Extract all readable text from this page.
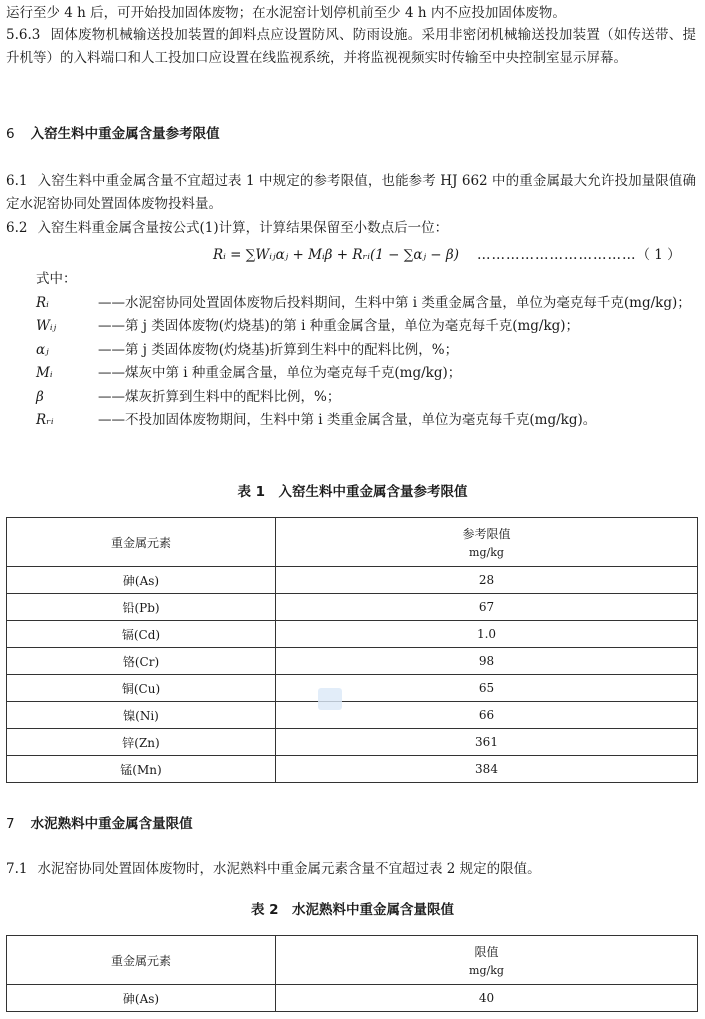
运行至少 4 h 后，可开始投加固体废物；在水泥窑计划停机前至少 4 h 内不应投加固体废物。
5.6.3 固体废物机械输送投加装置的卸料点应设置防风、防雨设施。采用非密闭机械输送投加装置（如传送带、提升机等）的入料端口和人工投加口应设置在线监视系统，并将监视视频实时传输至中央控制室显示屏幕。
6 入窑生料中重金属含量参考限值
6.1 入窑生料中重金属含量不宜超过表 1 中规定的参考限值，也能参考 HJ 662 中的重金属最大允许投加量限值确定水泥窑协同处置固体废物投料量。
6.2 入窑生料重金属含量按公式(1)计算，计算结果保留至小数点后一位：
Rᵢ = ∑Wᵢⱼαⱼ + Mᵢβ + Rᵣᵢ(1 − ∑αⱼ − β) ……………………………（ 1 ）
式中：
Rᵢ	——水泥窑协同处置固体废物后投料期间，生料中第 i 类重金属含量，单位为毫克每千克(mg/kg)；
Wᵢⱼ	——第 j 类固体废物(灼烧基)的第 i 种重金属含量，单位为毫克每千克(mg/kg)；
αⱼ	——第 j 类固体废物(灼烧基)折算到生料中的配料比例，%；
Mᵢ	——煤灰中第 i 种重金属含量，单位为毫克每千克(mg/kg)；
β	——煤灰折算到生料中的配料比例，%；
Rᵣᵢ	——不投加固体废物期间，生料中第 i 类重金属含量，单位为毫克每千克(mg/kg)。
表 1　入窑生料中重金属含量参考限值
重金属元素	参考限值
mg/kg

砷(As)	28
铅(Pb)	67
镉(Cd)	1.0
铬(Cr)	98
铜(Cu)	65
镍(Ni)	66
锌(Zn)	361
锰(Mn)	384
7 水泥熟料中重金属含量限值
7.1 水泥窑协同处置固体废物时，水泥熟料中重金属元素含量不宜超过表 2 规定的限值。
表 2　水泥熟料中重金属含量限值
重金属元素	限值
mg/kg

砷(As)	40
